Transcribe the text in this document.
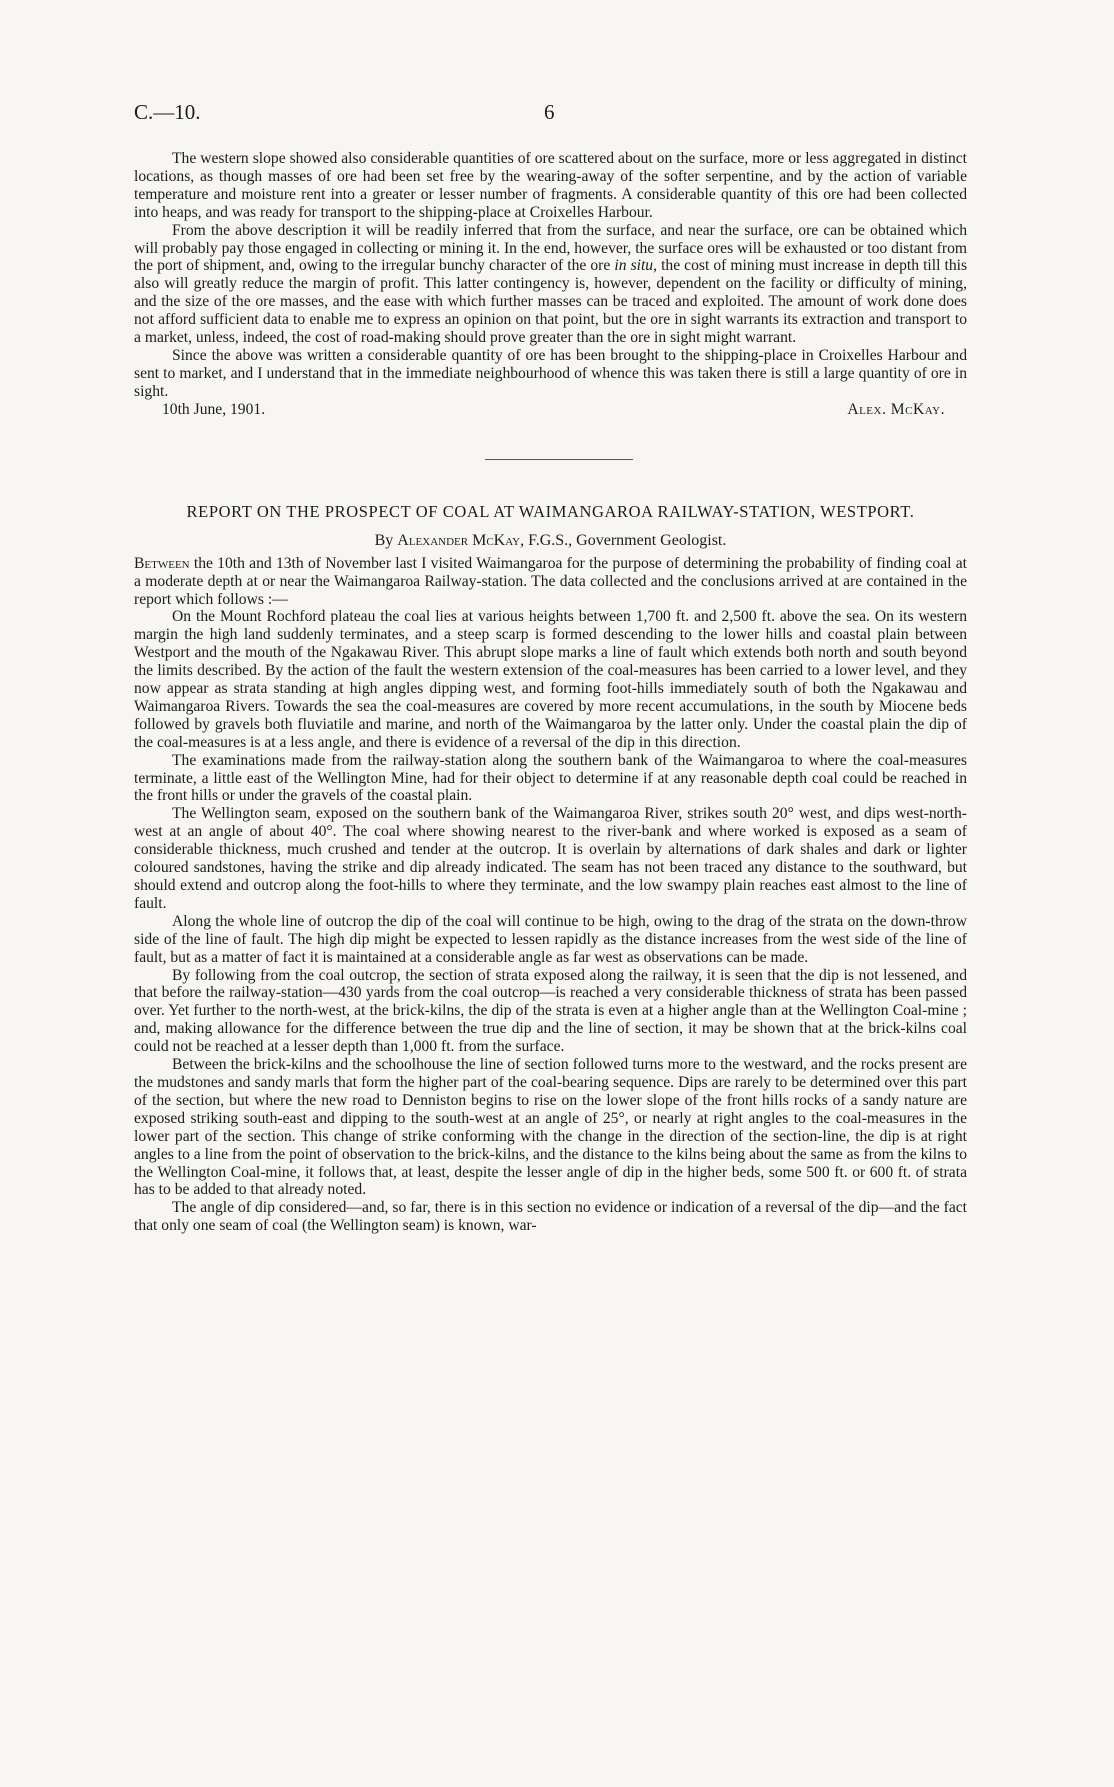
C.—10.	6

The western slope showed also considerable quantities of ore scattered about on the surface, more or less aggregated in distinct locations, as though masses of ore had been set free by the wearing-away of the softer serpentine, and by the action of variable temperature and moisture rent into a greater or lesser number of fragments. A considerable quantity of this ore had been collected into heaps, and was ready for transport to the shipping-place at Croixelles Harbour.

From the above description it will be readily inferred that from the surface, and near the surface, ore can be obtained which will probably pay those engaged in collecting or mining it. In the end, however, the surface ores will be exhausted or too distant from the port of shipment, and, owing to the irregular bunchy character of the ore in situ, the cost of mining must increase in depth till this also will greatly reduce the margin of profit. This latter contingency is, however, dependent on the facility or difficulty of mining, and the size of the ore masses, and the ease with which further masses can be traced and exploited. The amount of work done does not afford sufficient data to enable me to express an opinion on that point, but the ore in sight warrants its extraction and transport to a market, unless, indeed, the cost of road-making should prove greater than the ore in sight might warrant.

Since the above was written a considerable quantity of ore has been brought to the shipping-place in Croixelles Harbour and sent to market, and I understand that in the immediate neighbourhood of whence this was taken there is still a large quantity of ore in sight.

10th June, 1901.	Alex. McKay.
REPORT ON THE PROSPECT OF COAL AT WAIMANGAROA RAILWAY-STATION, WESTPORT.
By Alexander McKay, F.G.S., Government Geologist.

Between the 10th and 13th of November last I visited Waimangaroa for the purpose of determining the probability of finding coal at a moderate depth at or near the Waimangaroa Railway-station. The data collected and the conclusions arrived at are contained in the report which follows :—

On the Mount Rochford plateau the coal lies at various heights between 1,700 ft. and 2,500 ft. above the sea. On its western margin the high land suddenly terminates, and a steep scarp is formed descending to the lower hills and coastal plain between Westport and the mouth of the Ngakawau River. This abrupt slope marks a line of fault which extends both north and south beyond the limits described. By the action of the fault the western extension of the coal-measures has been carried to a lower level, and they now appear as strata standing at high angles dipping west, and forming foot-hills immediately south of both the Ngakawau and Waimangaroa Rivers. Towards the sea the coal-measures are covered by more recent accumulations, in the south by Miocene beds followed by gravels both fluviatile and marine, and north of the Waimangaroa by the latter only. Under the coastal plain the dip of the coal-measures is at a less angle, and there is evidence of a reversal of the dip in this direction.

The examinations made from the railway-station along the southern bank of the Waimangaroa to where the coal-measures terminate, a little east of the Wellington Mine, had for their object to determine if at any reasonable depth coal could be reached in the front hills or under the gravels of the coastal plain.

The Wellington seam, exposed on the southern bank of the Waimangaroa River, strikes south 20° west, and dips west-north-west at an angle of about 40°. The coal where showing nearest to the river-bank and where worked is exposed as a seam of considerable thickness, much crushed and tender at the outcrop. It is overlain by alternations of dark shales and dark or lighter coloured sandstones, having the strike and dip already indicated. The seam has not been traced any distance to the southward, but should extend and outcrop along the foot-hills to where they terminate, and the low swampy plain reaches east almost to the line of fault.

Along the whole line of outcrop the dip of the coal will continue to be high, owing to the drag of the strata on the down-throw side of the line of fault. The high dip might be expected to lessen rapidly as the distance increases from the west side of the line of fault, but as a matter of fact it is maintained at a considerable angle as far west as observations can be made.

By following from the coal outcrop, the section of strata exposed along the railway, it is seen that the dip is not lessened, and that before the railway-station—430 yards from the coal outcrop—is reached a very considerable thickness of strata has been passed over. Yet further to the north-west, at the brick-kilns, the dip of the strata is even at a higher angle than at the Wellington Coal-mine ; and, making allowance for the difference between the true dip and the line of section, it may be shown that at the brick-kilns coal could not be reached at a lesser depth than 1,000 ft. from the surface.

Between the brick-kilns and the schoolhouse the line of section followed turns more to the westward, and the rocks present are the mudstones and sandy marls that form the higher part of the coal-bearing sequence. Dips are rarely to be determined over this part of the section, but where the new road to Denniston begins to rise on the lower slope of the front hills rocks of a sandy nature are exposed striking south-east and dipping to the south-west at an angle of 25°, or nearly at right angles to the coal-measures in the lower part of the section. This change of strike conforming with the change in the direction of the section-line, the dip is at right angles to a line from the point of observation to the brick-kilns, and the distance to the kilns being about the same as from the kilns to the Wellington Coal-mine, it follows that, at least, despite the lesser angle of dip in the higher beds, some 500 ft. or 600 ft. of strata has to be added to that already noted.

The angle of dip considered—and, so far, there is in this section no evidence or indication of a reversal of the dip—and the fact that only one seam of coal (the Wellington seam) is known, war-
